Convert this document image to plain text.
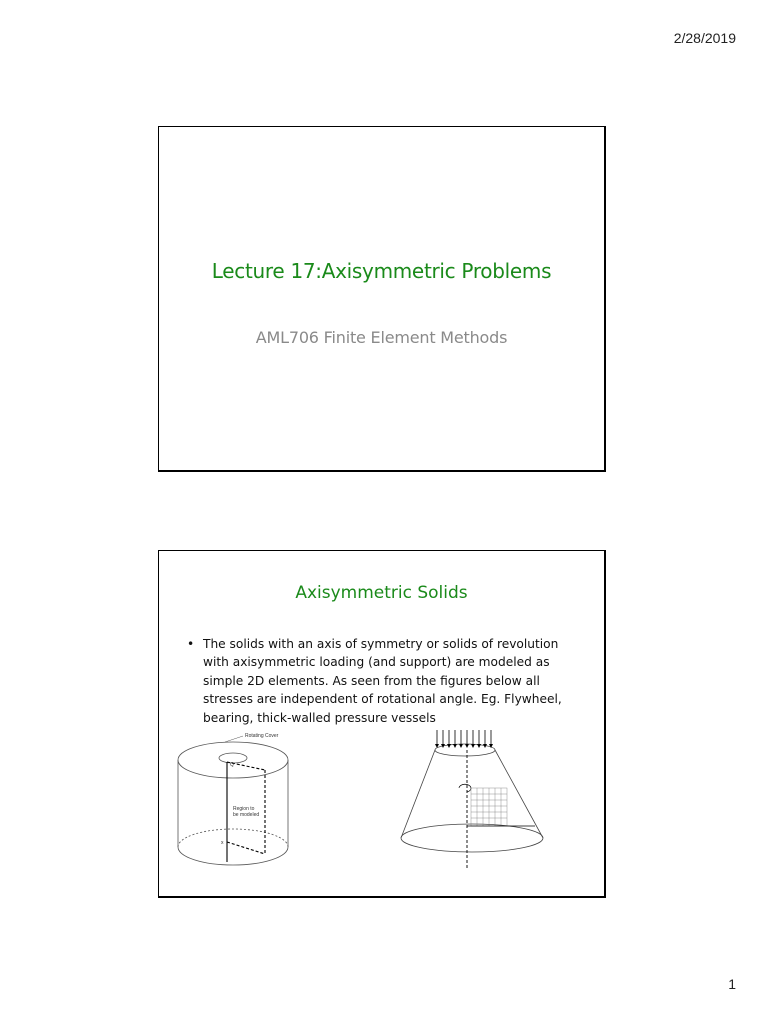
2/28/2019
Lecture 17:Axisymmetric Problems
AML706 Finite Element Methods
Axisymmetric Solids
• The solids with an axis of symmetry or solids of revolution with axisymmetric loading (and support) are modeled as simple 2D elements. As seen from the figures below all stresses are independent of rotational angle. Eg. Flywheel, bearing, thick-walled pressure vessels
Rotating Cover
Region to
be modeled
Q
x
1
